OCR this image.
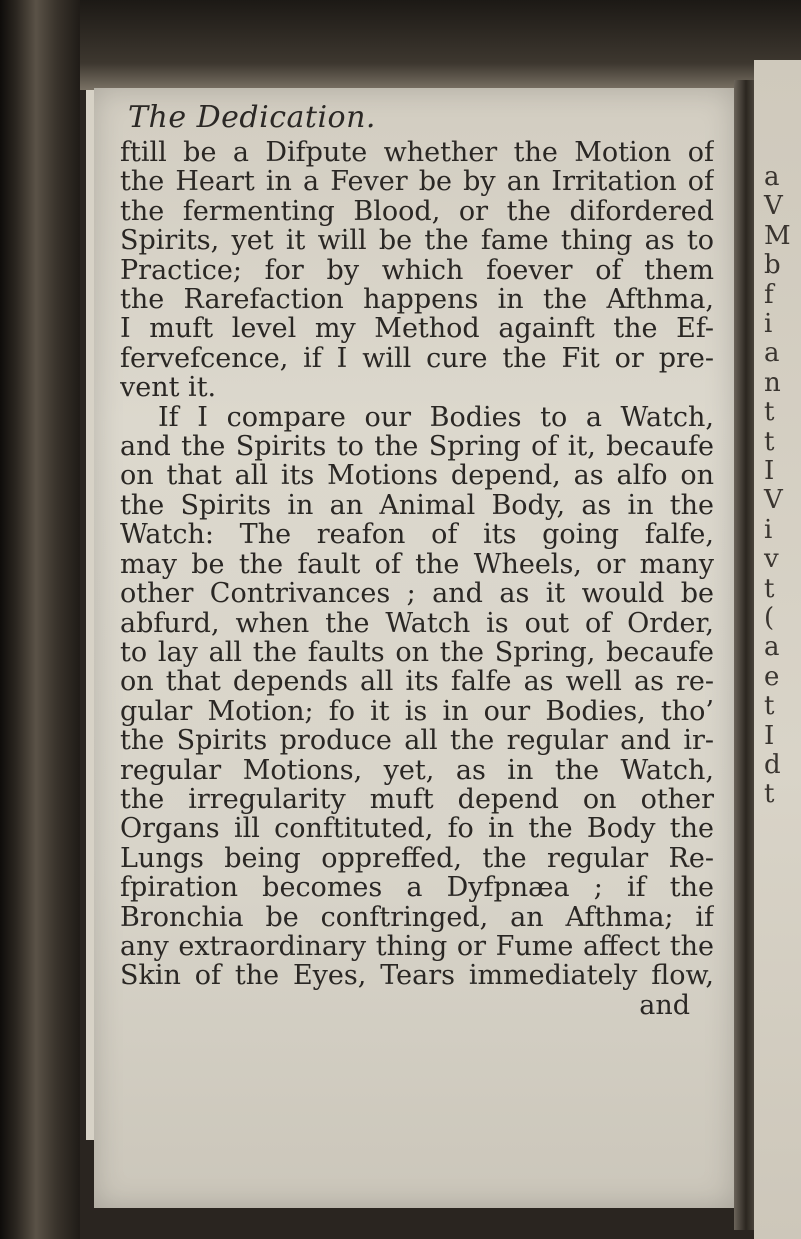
The Dedication.
ftill be a Difpute whether the Motion of
the Heart in a Fever be by an Irritation of
the fermenting Blood, or the difordered
Spirits, yet it will be the fame thing as to
Practice; for by which foever of them
the Rarefaction happens in the Afthma,
I muft level my Method againft the Ef-
fervefcence, if I will cure the Fit or pre-
vent it.
If I compare our Bodies to a Watch,
and the Spirits to the Spring of it, becaufe
on that all its Motions depend, as alfo on
the Spirits in an Animal Body, as in the
Watch: The reafon of its going falfe,
may be the fault of the Wheels, or many
other Contrivances ; and as it would be
abfurd, when the Watch is out of Order,
to lay all the faults on the Spring, becaufe
on that depends all its falfe as well as re-
gular Motion; fo it is in our Bodies, tho’
the Spirits produce all the regular and ir-
regular Motions, yet, as in the Watch,
the irregularity muft depend on other
Organs ill conftituted, fo in the Body the
Lungs being oppreffed, the regular Re-
fpiration becomes a Dyfpnæa ; if the
Bronchia be conftringed, an Afthma; if
any extraordinary thing or Fume affect the
Skin of the Eyes, Tears immediately flow,
and
a
V
M
b
f
i
a
n
t
t
I
V
i
v
t
(
a
e
t
I
d
t
